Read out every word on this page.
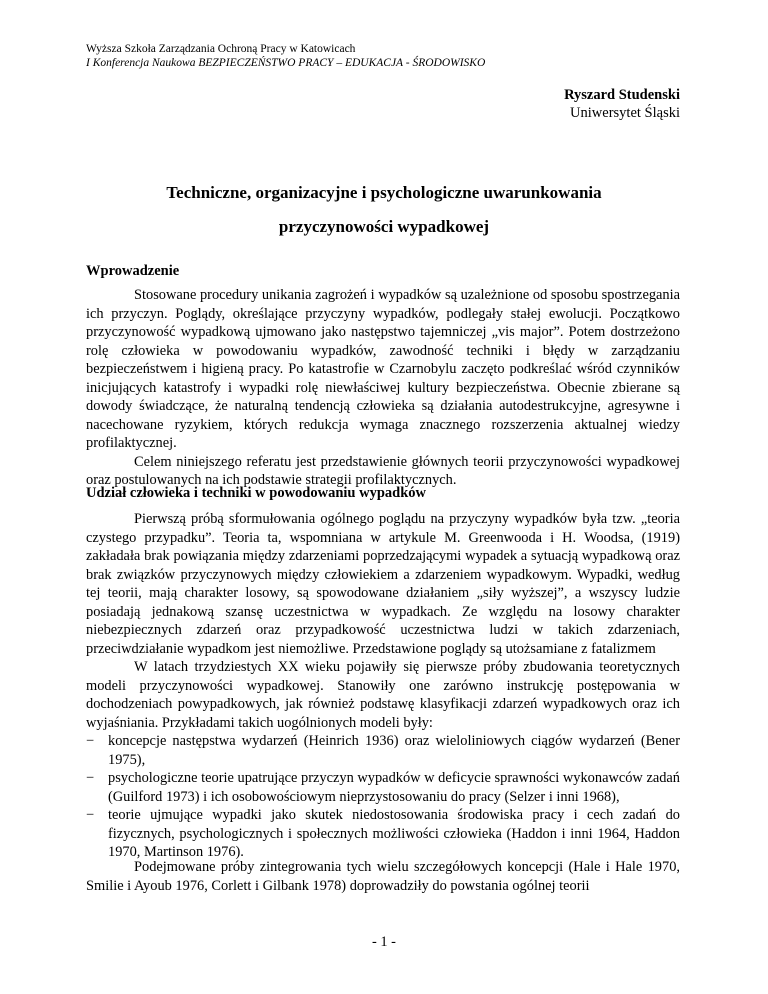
Wyższa Szkoła Zarządzania Ochroną Pracy w Katowicach
I Konferencja Naukowa BEZPIECZEŃSTWO PRACY – EDUKACJA - ŚRODOWISKO
Ryszard Studenski
Uniwersytet Śląski
Techniczne, organizacyjne i psychologiczne uwarunkowania
przyczynowości wypadkowej
Wprowadzenie

Stosowane procedury unikania zagrożeń i wypadków są uzależnione od sposobu spostrzegania ich przyczyn. Poglądy, określające przyczyny wypadków, podlegały stałej ewolucji. Początkowo przyczynowość wypadkową ujmowano jako następstwo tajemniczej „vis major”. Potem dostrzeżono rolę człowieka w powodowaniu wypadków, zawodność techniki i błędy w zarządzaniu bezpieczeństwem i higieną pracy. Po katastrofie w Czarnobylu zaczęto podkreślać wśród czynników inicjujących katastrofy i wypadki rolę niewłaściwej kultury bezpieczeństwa. Obecnie zbierane są dowody świadczące, że naturalną tendencją człowieka są działania autodestrukcyjne, agresywne i nacechowane ryzykiem, których redukcja wymaga znacznego rozszerzenia aktualnej wiedzy profilaktycznej.

Celem niniejszego referatu jest przedstawienie głównych teorii przyczynowości wypadkowej oraz postulowanych na ich podstawie strategii profilaktycznych.

Udział człowieka i techniki w powodowaniu wypadków

Pierwszą próbą sformułowania ogólnego poglądu na przyczyny wypadków była tzw. „teoria czystego przypadku”. Teoria ta, wspomniana w artykule M. Greenwooda i H. Woodsa, (1919) zakładała brak powiązania między zdarzeniami poprzedzającymi wypadek a sytuacją wypadkową oraz brak związków przyczynowych między człowiekiem a zdarzeniem wypadkowym. Wypadki, według tej teorii, mają charakter losowy, są spowodowane działaniem „siły wyższej”, a wszyscy ludzie posiadają jednakową szansę uczestnictwa w wypadkach. Ze względu na losowy charakter niebezpiecznych zdarzeń oraz przypadkowość uczestnictwa ludzi w takich zdarzeniach, przeciwdziałanie wypadkom jest niemożliwe. Przedstawione poglądy są utożsamiane z fatalizmem

W latach trzydziestych XX wieku pojawiły się pierwsze próby zbudowania teoretycznych modeli przyczynowości wypadkowej. Stanowiły one zarówno instrukcję postępowania w dochodzeniach powypadkowych, jak również podstawę klasyfikacji zdarzeń wypadkowych oraz ich wyjaśniania. Przykładami takich uogólnionych modeli były:

− koncepcje następstwa wydarzeń (Heinrich 1936) oraz wieloliniowych ciągów wydarzeń (Bener 1975),
− psychologiczne teorie upatrujące przyczyn wypadków w deficycie sprawności wykonawców zadań (Guilford 1973) i ich osobowościowym nieprzystosowaniu do pracy (Selzer i inni 1968),
− teorie ujmujące wypadki jako skutek niedostosowania środowiska pracy i cech zadań do fizycznych, psychologicznych i społecznych możliwości człowieka (Haddon i inni 1964, Haddon 1970, Martinson 1976).

Podejmowane próby zintegrowania tych wielu szczegółowych koncepcji (Hale i Hale 1970, Smilie i Ayoub 1976, Corlett i Gilbank 1978) doprowadziły do powstania ogólnej teorii

- 1 -
